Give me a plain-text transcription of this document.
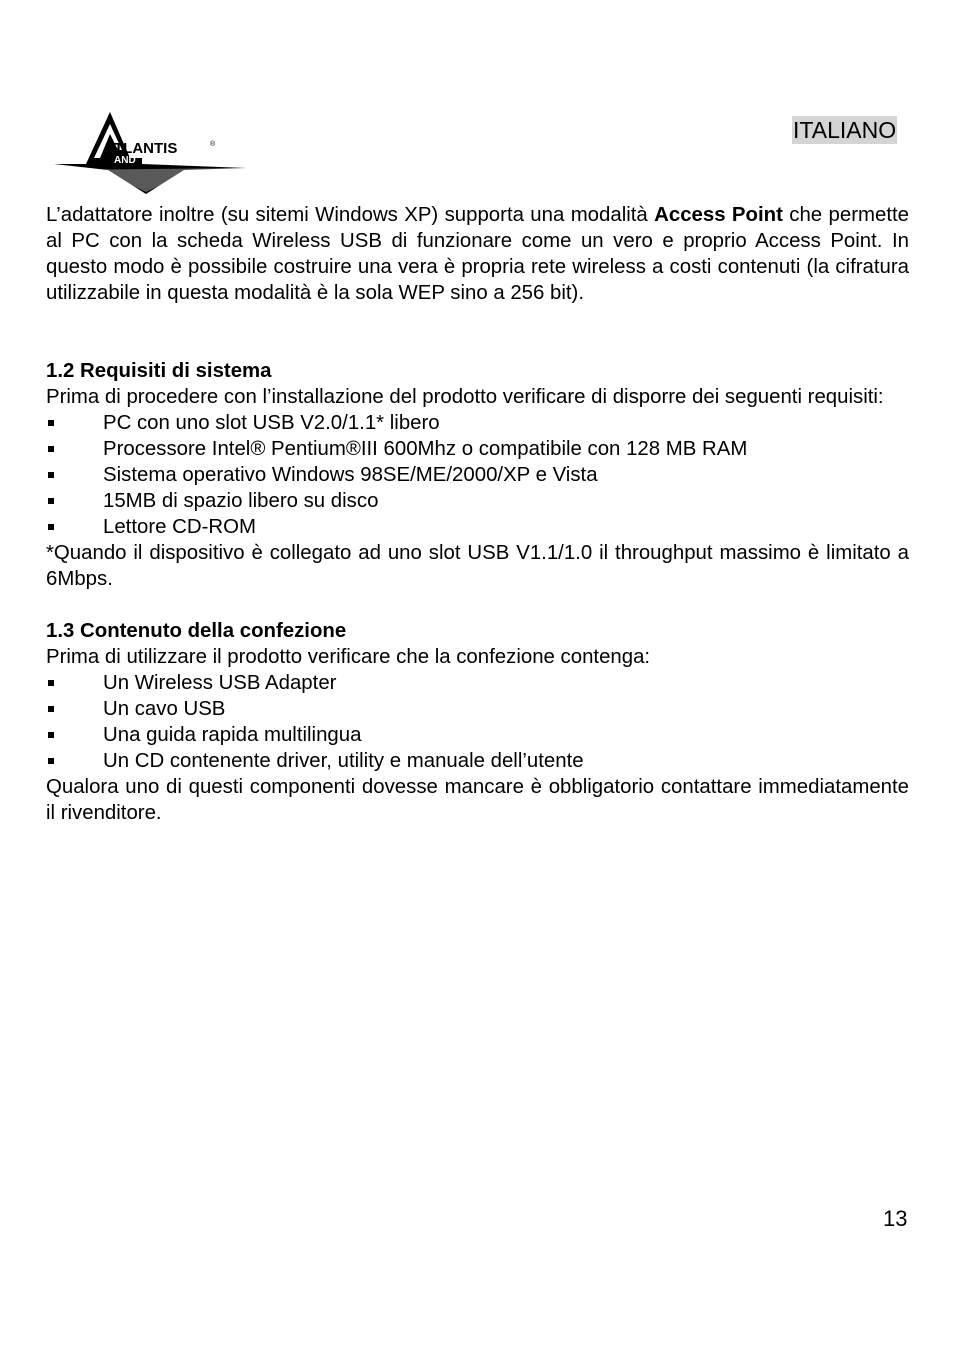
TLANTIS
AND
®
ITALIANO

L’adattatore inoltre (su sitemi Windows XP) supporta una modalità Access Point che permette al PC con la scheda Wireless USB di funzionare come un vero e proprio Access Point. In questo modo è possibile costruire una vera è propria rete wireless a costi contenuti (la cifratura utilizzabile in questa modalità è la sola WEP sino a 256 bit).

1.2 Requisiti di sistema

Prima di procedere con l’installazione del prodotto verificare di disporre dei seguenti requisiti:

PC con uno slot USB V2.0/1.1* libero
Processore Intel® Pentium®III 600Mhz o compatibile con 128 MB RAM
Sistema operativo Windows 98SE/ME/2000/XP e Vista
15MB di spazio libero su disco
Lettore CD-ROM

*Quando il dispositivo è collegato ad uno slot USB V1.1/1.0 il throughput massimo è limitato a 6Mbps.

1.3 Contenuto della confezione

Prima di utilizzare il prodotto verificare che la confezione contenga:

Un Wireless USB Adapter
Un cavo USB
Una guida rapida multilingua
Un CD contenente driver, utility e manuale dell’utente

Qualora uno di questi componenti dovesse mancare è obbligatorio contattare immediatamente il rivenditore.

13
